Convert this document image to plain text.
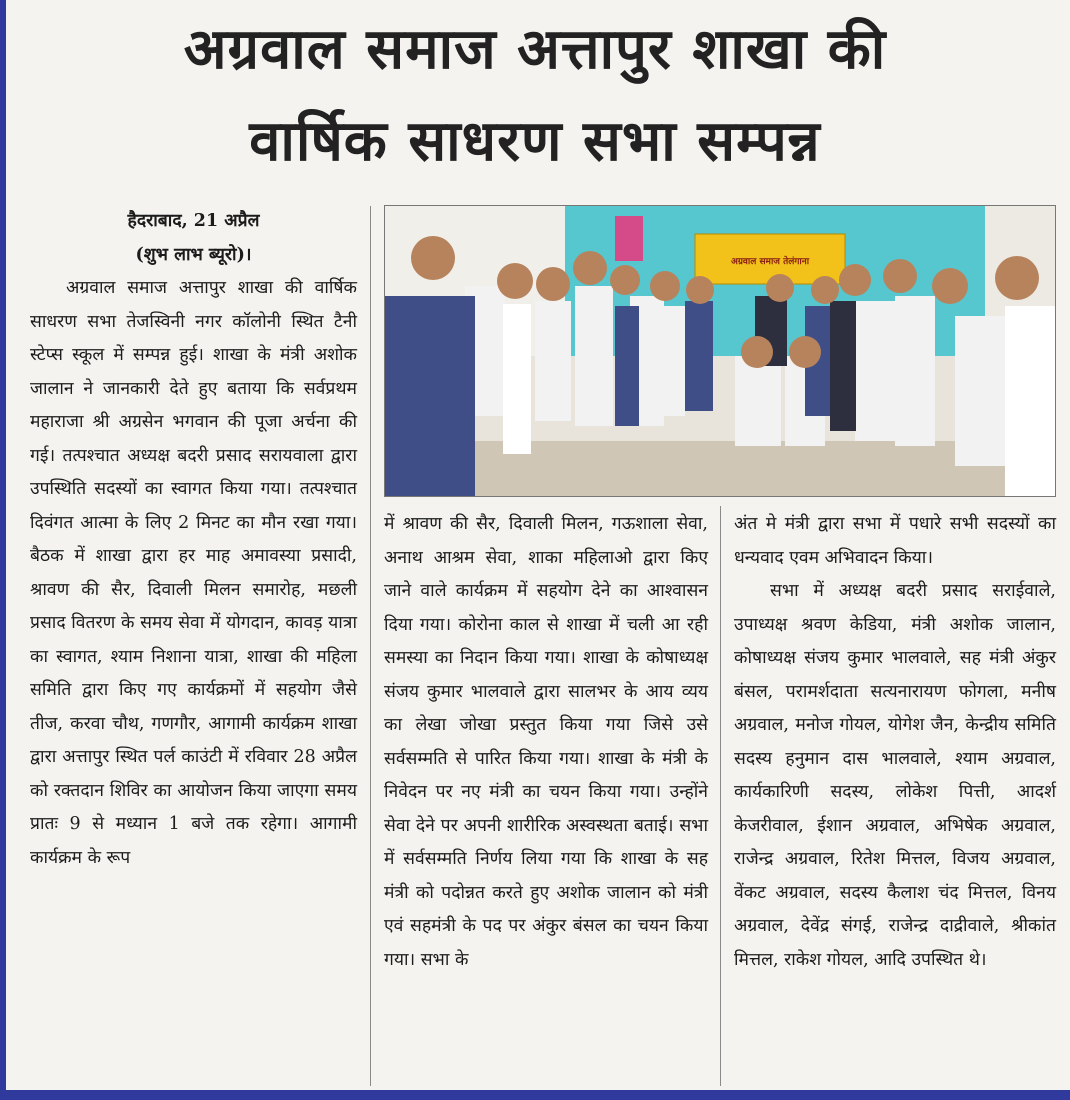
अग्रवाल समाज अत्तापुर शाखा की
वार्षिक साधरण सभा सम्पन्न

हैदराबाद, 21 अप्रैल

(शुभ लाभ ब्यूरो)।

अग्रवाल समाज अत्तापुर शाखा की वार्षिक साधरण सभा तेजस्विनी नगर कॉलोनी स्थित टैनी स्टेप्स स्कूल में सम्पन्न हुई। शाखा के मंत्री अशोक जालान ने जानकारी देते हुए बताया कि सर्वप्रथम महाराजा श्री अग्रसेन भगवान की पूजा अर्चना की गई। तत्पश्चात अध्यक्ष बदरी प्रसाद सरायवाला द्वारा उपस्थिति सदस्यों का स्वागत किया गया। तत्पश्चात दिवंगत आत्मा के लिए 2 मिनट का मौन रखा गया। बैठक में शाखा द्वारा हर माह अमावस्या प्रसादी, श्रावण की सैर, दिवाली मिलन समारोह, मछली प्रसाद वितरण के समय सेवा में योगदान, कावड़ यात्रा का स्वागत, श्याम निशाना यात्रा, शाखा की महिला समिति द्वारा किए गए कार्यक्रमों में सहयोग जैसे तीज, करवा चौथ, गणगौर, आगामी कार्यक्रम शाखा द्वारा अत्तापुर स्थित पर्ल काउंटी में रविवार 28 अप्रैल को रक्तदान शिविर का आयोजन किया जाएगा समय प्रातः 9 से मध्यान 1 बजे तक रहेगा। आगामी कार्यक्रम के रूप

अग्रवाल समाज तेलंगाना

में श्रावण की सैर, दिवाली मिलन, गऊशाला सेवा, अनाथ आश्रम सेवा, शाका महिलाओ द्वारा किए जाने वाले कार्यक्रम में सहयोग देने का आश्वासन दिया गया। कोरोना काल से शाखा में चली आ रही समस्या का निदान किया गया। शाखा के कोषाध्यक्ष संजय कुमार भालवाले द्वारा सालभर के आय व्यय का लेखा जोखा प्रस्तुत किया गया जिसे उसे सर्वसम्मति से पारित किया गया। शाखा के मंत्री के निवेदन पर नए मंत्री का चयन किया गया। उन्होंने सेवा देने पर अपनी शारीरिक अस्वस्थता बताई। सभा में सर्वसम्मति निर्णय लिया गया कि शाखा के सह मंत्री को पदोन्नत करते हुए अशोक जालान को मंत्री एवं सहमंत्री के पद पर अंकुर बंसल का चयन किया गया। सभा के

अंत मे मंत्री द्वारा सभा में पधारे सभी सदस्यों का धन्यवाद एवम अभिवादन किया।

सभा में अध्यक्ष बदरी प्रसाद सराईवाले, उपाध्यक्ष श्रवण केडिया, मंत्री अशोक जालान, कोषाध्यक्ष संजय कुमार भालवाले, सह मंत्री अंकुर बंसल, परामर्शदाता सत्यनारायण फोगला, मनीष अग्रवाल, मनोज गोयल, योगेश जैन, केन्द्रीय समिति सदस्य हनुमान दास भालवाले, श्याम अग्रवाल, कार्यकारिणी सदस्य, लोकेश पित्ती, आदर्श केजरीवाल, ईशान अग्रवाल, अभिषेक अग्रवाल, राजेन्द्र अग्रवाल, रितेश मित्तल, विजय अग्रवाल, वेंकट अग्रवाल, सदस्य कैलाश चंद मित्तल, विनय अग्रवाल, देवेंद्र संगई, राजेन्द्र दाद्रीवाले, श्रीकांत मित्तल, राकेश गोयल, आदि उपस्थित थे।
